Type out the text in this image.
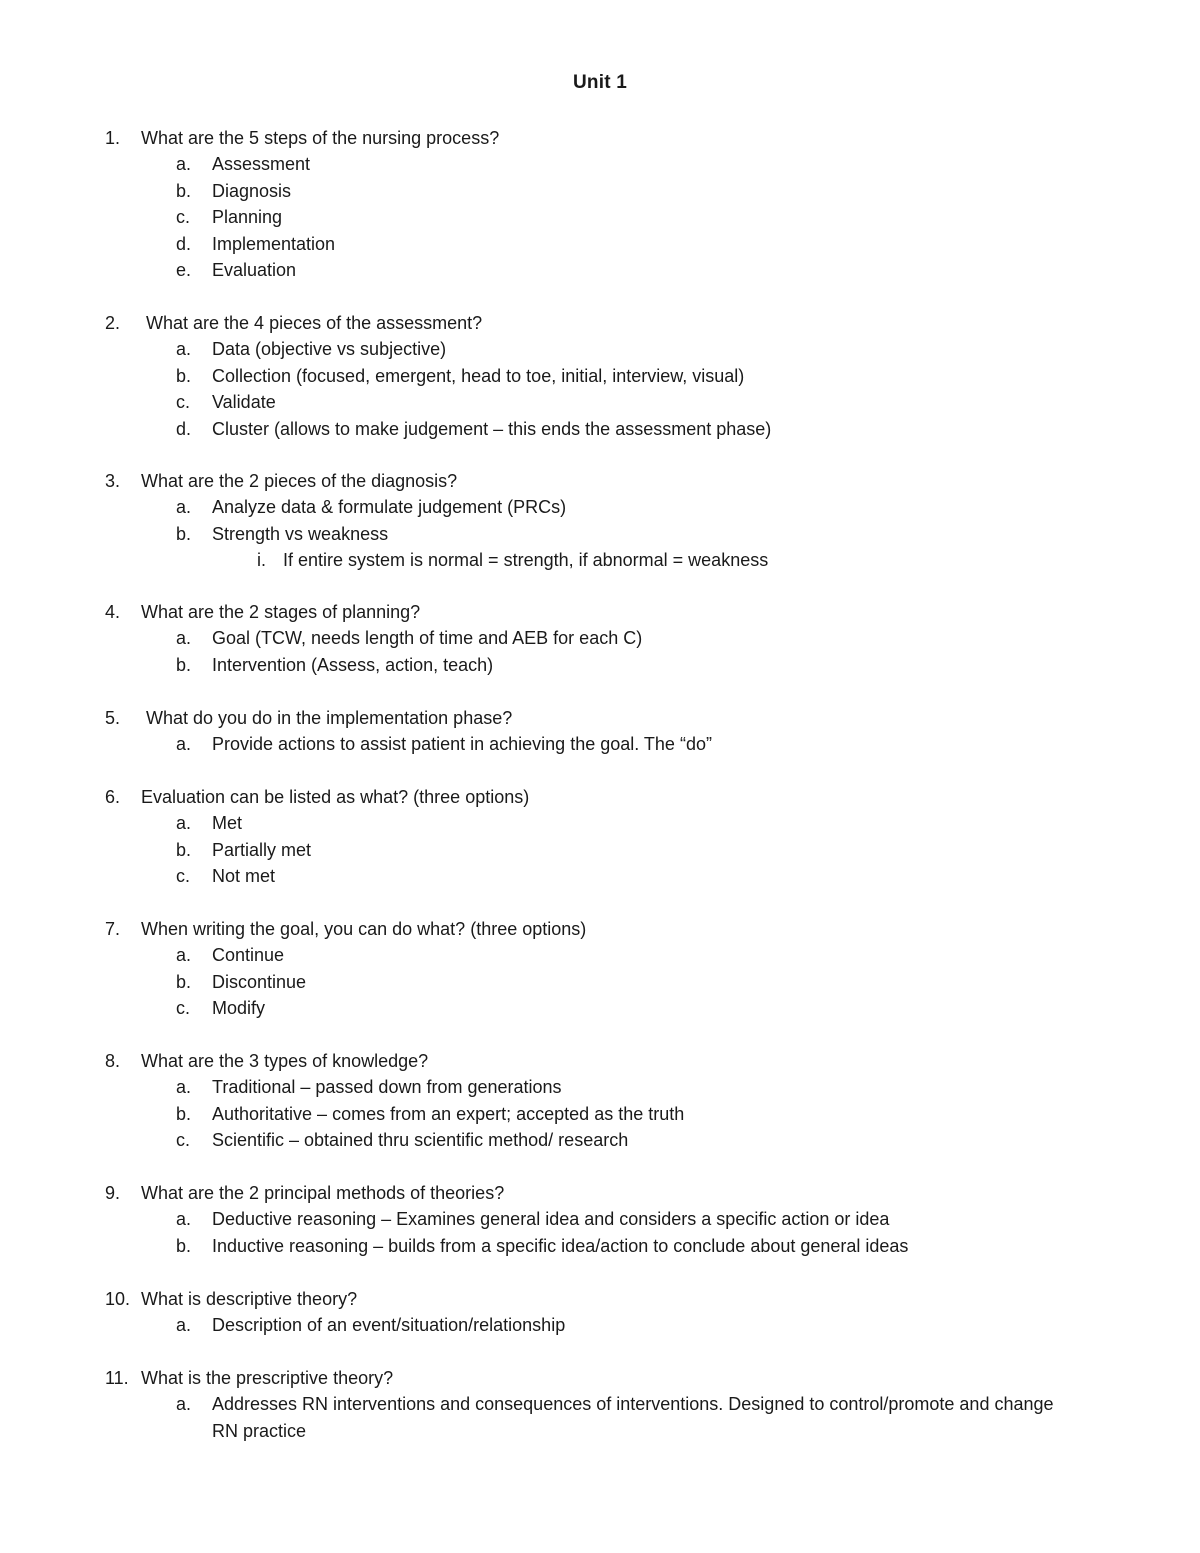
Unit 1
1. What are the 5 steps of the nursing process?
a. Assessment
b. Diagnosis
c. Planning
d. Implementation
e. Evaluation
2. What are the 4 pieces of the assessment?
a. Data (objective vs subjective)
b. Collection (focused, emergent, head to toe, initial, interview, visual)
c. Validate
d. Cluster (allows to make judgement – this ends the assessment phase)
3. What are the 2 pieces of the diagnosis?
a. Analyze data & formulate judgement (PRCs)
b. Strength vs weakness
i. If entire system is normal = strength, if abnormal = weakness
4. What are the 2 stages of planning?
a. Goal (TCW, needs length of time and AEB for each C)
b. Intervention (Assess, action, teach)
5. What do you do in the implementation phase?
a. Provide actions to assist patient in achieving the goal. The “do”
6. Evaluation can be listed as what? (three options)
a. Met
b. Partially met
c. Not met
7. When writing the goal, you can do what? (three options)
a. Continue
b. Discontinue
c. Modify
8. What are the 3 types of knowledge?
a. Traditional – passed down from generations
b. Authoritative – comes from an expert; accepted as the truth
c. Scientific – obtained thru scientific method/ research
9. What are the 2 principal methods of theories?
a. Deductive reasoning – Examines general idea and considers a specific action or idea
b. Inductive reasoning – builds from a specific idea/action to conclude about general ideas
10. What is descriptive theory?
a. Description of an event/situation/relationship
11. What is the prescriptive theory?
a. Addresses RN interventions and consequences of interventions. Designed to control/promote and change RN practice
